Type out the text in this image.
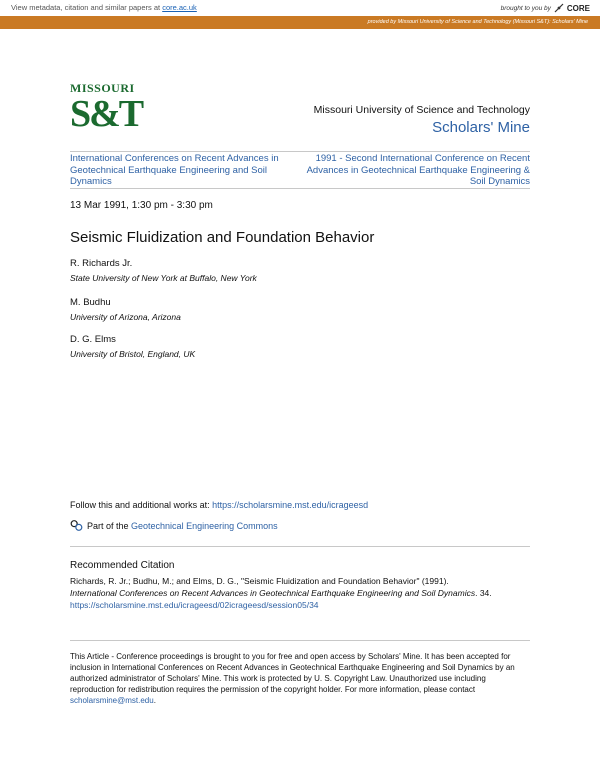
View metadata, citation and similar papers at core.ac.uk	brought to you by CORE
provided by Missouri University of Science and Technology (Missouri S&T): Scholars' Mine
MISSOURI
S&T	Missouri University of Science and Technology
Scholars' Mine
International Conferences on Recent Advances in Geotechnical Earthquake Engineering and Soil Dynamics
1991 - Second International Conference on Recent Advances in Geotechnical Earthquake Engineering & Soil Dynamics
13 Mar 1991, 1:30 pm - 3:30 pm
Seismic Fluidization and Foundation Behavior
R. Richards Jr.
State University of New York at Buffalo, New York
M. Budhu
University of Arizona, Arizona
D. G. Elms
University of Bristol, England, UK
Follow this and additional works at: https://scholarsmine.mst.edu/icrageesd
Part of the Geotechnical Engineering Commons
Recommended Citation
Richards, R. Jr.; Budhu, M.; and Elms, D. G., "Seismic Fluidization and Foundation Behavior" (1991).
International Conferences on Recent Advances in Geotechnical Earthquake Engineering and Soil Dynamics. 34.
https://scholarsmine.mst.edu/icrageesd/02icrageesd/session05/34
This Article - Conference proceedings is brought to you for free and open access by Scholars' Mine. It has been accepted for inclusion in International Conferences on Recent Advances in Geotechnical Earthquake Engineering and Soil Dynamics by an authorized administrator of Scholars' Mine. This work is protected by U. S. Copyright Law. Unauthorized use including reproduction for redistribution requires the permission of the copyright holder. For more information, please contact scholarsmine@mst.edu.
